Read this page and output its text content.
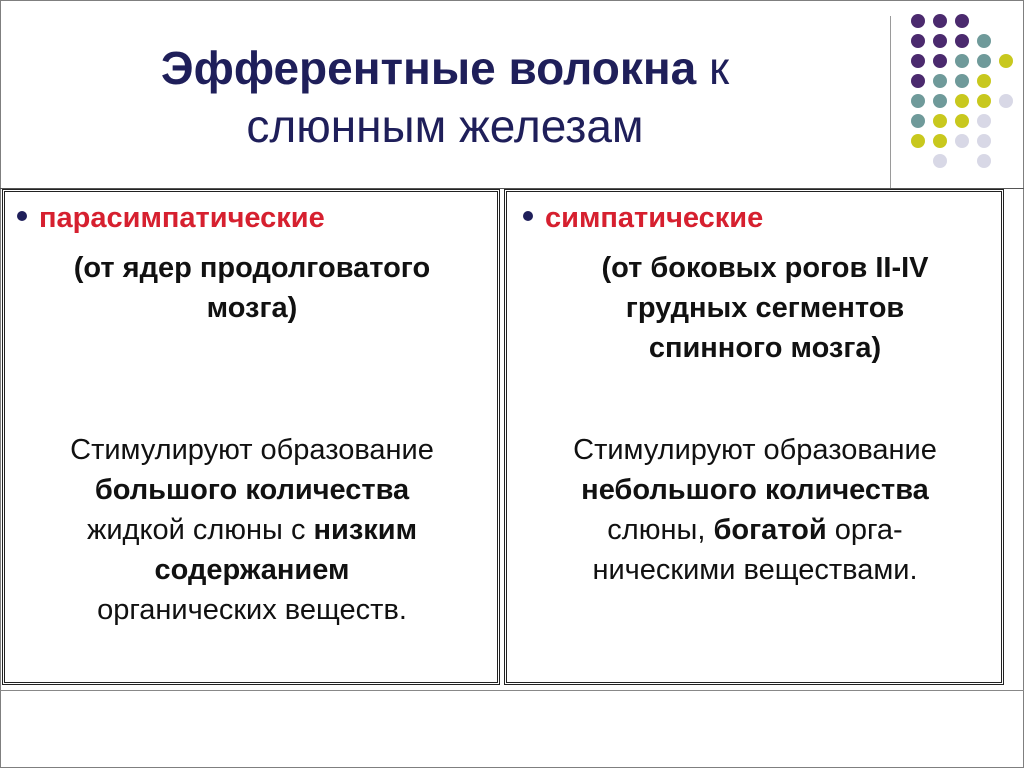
Эфферентные волокна к
слюнным железам
парасимпатические
(от ядер продолговатого
мозга)
Стимулируют образование
большого количества
жидкой слюны с низким
содержанием
органических веществ.
симпатические
(от боковых рогов II-IV
грудных сегментов
спинного мозга)
Стимулируют образование
небольшого количества
слюны, богатой орга-
ническими веществами.
